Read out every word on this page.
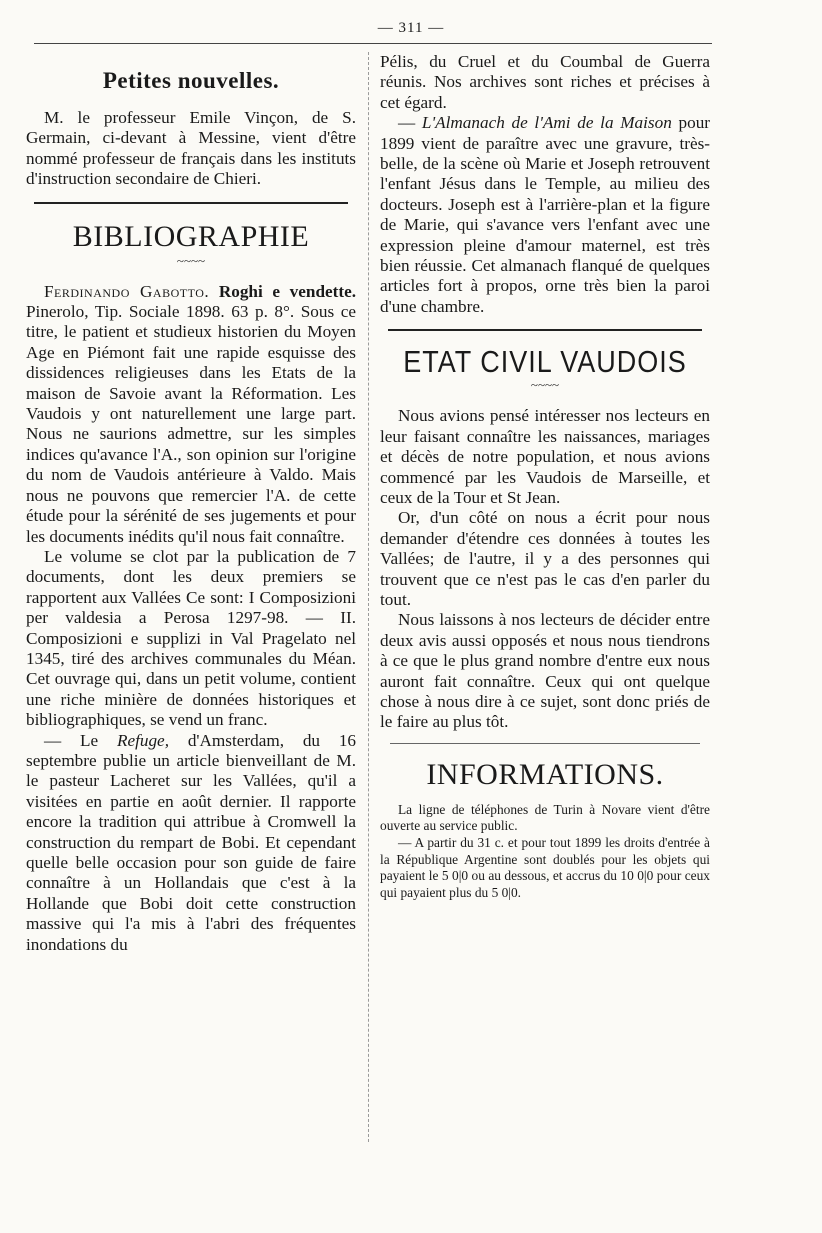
— 311 —
Petites nouvelles.

M. le professeur Emile Vinçon, de S. Germain, ci-devant à Messine, vient d'être nommé professeur de français dans les instituts d'instruction secondaire de Chieri.

BIBLIOGRAPHIE
~~~~

Ferdinando Gabotto. Roghi e vendette. Pinerolo, Tip. Sociale 1898. 63 p. 8°. Sous ce titre, le patient et studieux historien du Moyen Age en Piémont fait une rapide esquisse des dissidences religieuses dans les Etats de la maison de Savoie avant la Réformation. Les Vaudois y ont naturellement une large part. Nous ne saurions admettre, sur les simples indices qu'avance l'A., son opinion sur l'origine du nom de Vaudois antérieure à Valdo. Mais nous ne pouvons que remercier l'A. de cette étude pour la sérénité de ses jugements et pour les documents inédits qu'il nous fait connaître.

Le volume se clot par la publication de 7 documents, dont les deux premiers se rapportent aux Vallées Ce sont: I Composizioni per valdesia a Perosa 1297-98. — II. Composizioni e supplizi in Val Pragelato nel 1345, tiré des archives communales du Méan. Cet ouvrage qui, dans un petit volume, contient une riche minière de données historiques et bibliographiques, se vend un franc.

— Le Refuge, d'Amsterdam, du 16 septembre publie un article bienveillant de M. le pasteur Lacheret sur les Vallées, qu'il a visitées en partie en août dernier. Il rapporte encore la tradition qui attribue à Cromwell la construction du rempart de Bobi. Et cependant quelle belle occasion pour son guide de faire connaître à un Hollandais que c'est à la Hollande que Bobi doit cette construction massive qui l'a mis à l'abri des fréquentes inondations du

Pélis, du Cruel et du Coumbal de Guerra réunis. Nos archives sont riches et précises à cet égard.

— L'Almanach de l'Ami de la Maison pour 1899 vient de paraître avec une gravure, très-belle, de la scène où Marie et Joseph retrouvent l'enfant Jésus dans le Temple, au milieu des docteurs. Joseph est à l'arrière-plan et la figure de Marie, qui s'avance vers l'enfant avec une expression pleine d'amour maternel, est très bien réussie. Cet almanach flanqué de quelques articles fort à propos, orne très bien la paroi d'une chambre.

ETAT CIVIL VAUDOIS
~~~~

Nous avions pensé intéresser nos lecteurs en leur faisant connaître les naissances, mariages et décès de notre population, et nous avions commencé par les Vaudois de Marseille, et ceux de la Tour et St Jean.

Or, d'un côté on nous a écrit pour nous demander d'étendre ces données à toutes les Vallées; de l'autre, il y a des personnes qui trouvent que ce n'est pas le cas d'en parler du tout.

Nous laissons à nos lecteurs de décider entre deux avis aussi opposés et nous nous tiendrons à ce que le plus grand nombre d'entre eux nous auront fait connaître. Ceux qui ont quelque chose à nous dire à ce sujet, sont donc priés de le faire au plus tôt.

INFORMATIONS.

La ligne de téléphones de Turin à Novare vient d'être ouverte au service public.

— A partir du 31 c. et pour tout 1899 les droits d'entrée à la République Argentine sont doublés pour les objets qui payaient le 5 0|0 ou au dessous, et accrus du 10 0|0 pour ceux qui payaient plus du 5 0|0.
